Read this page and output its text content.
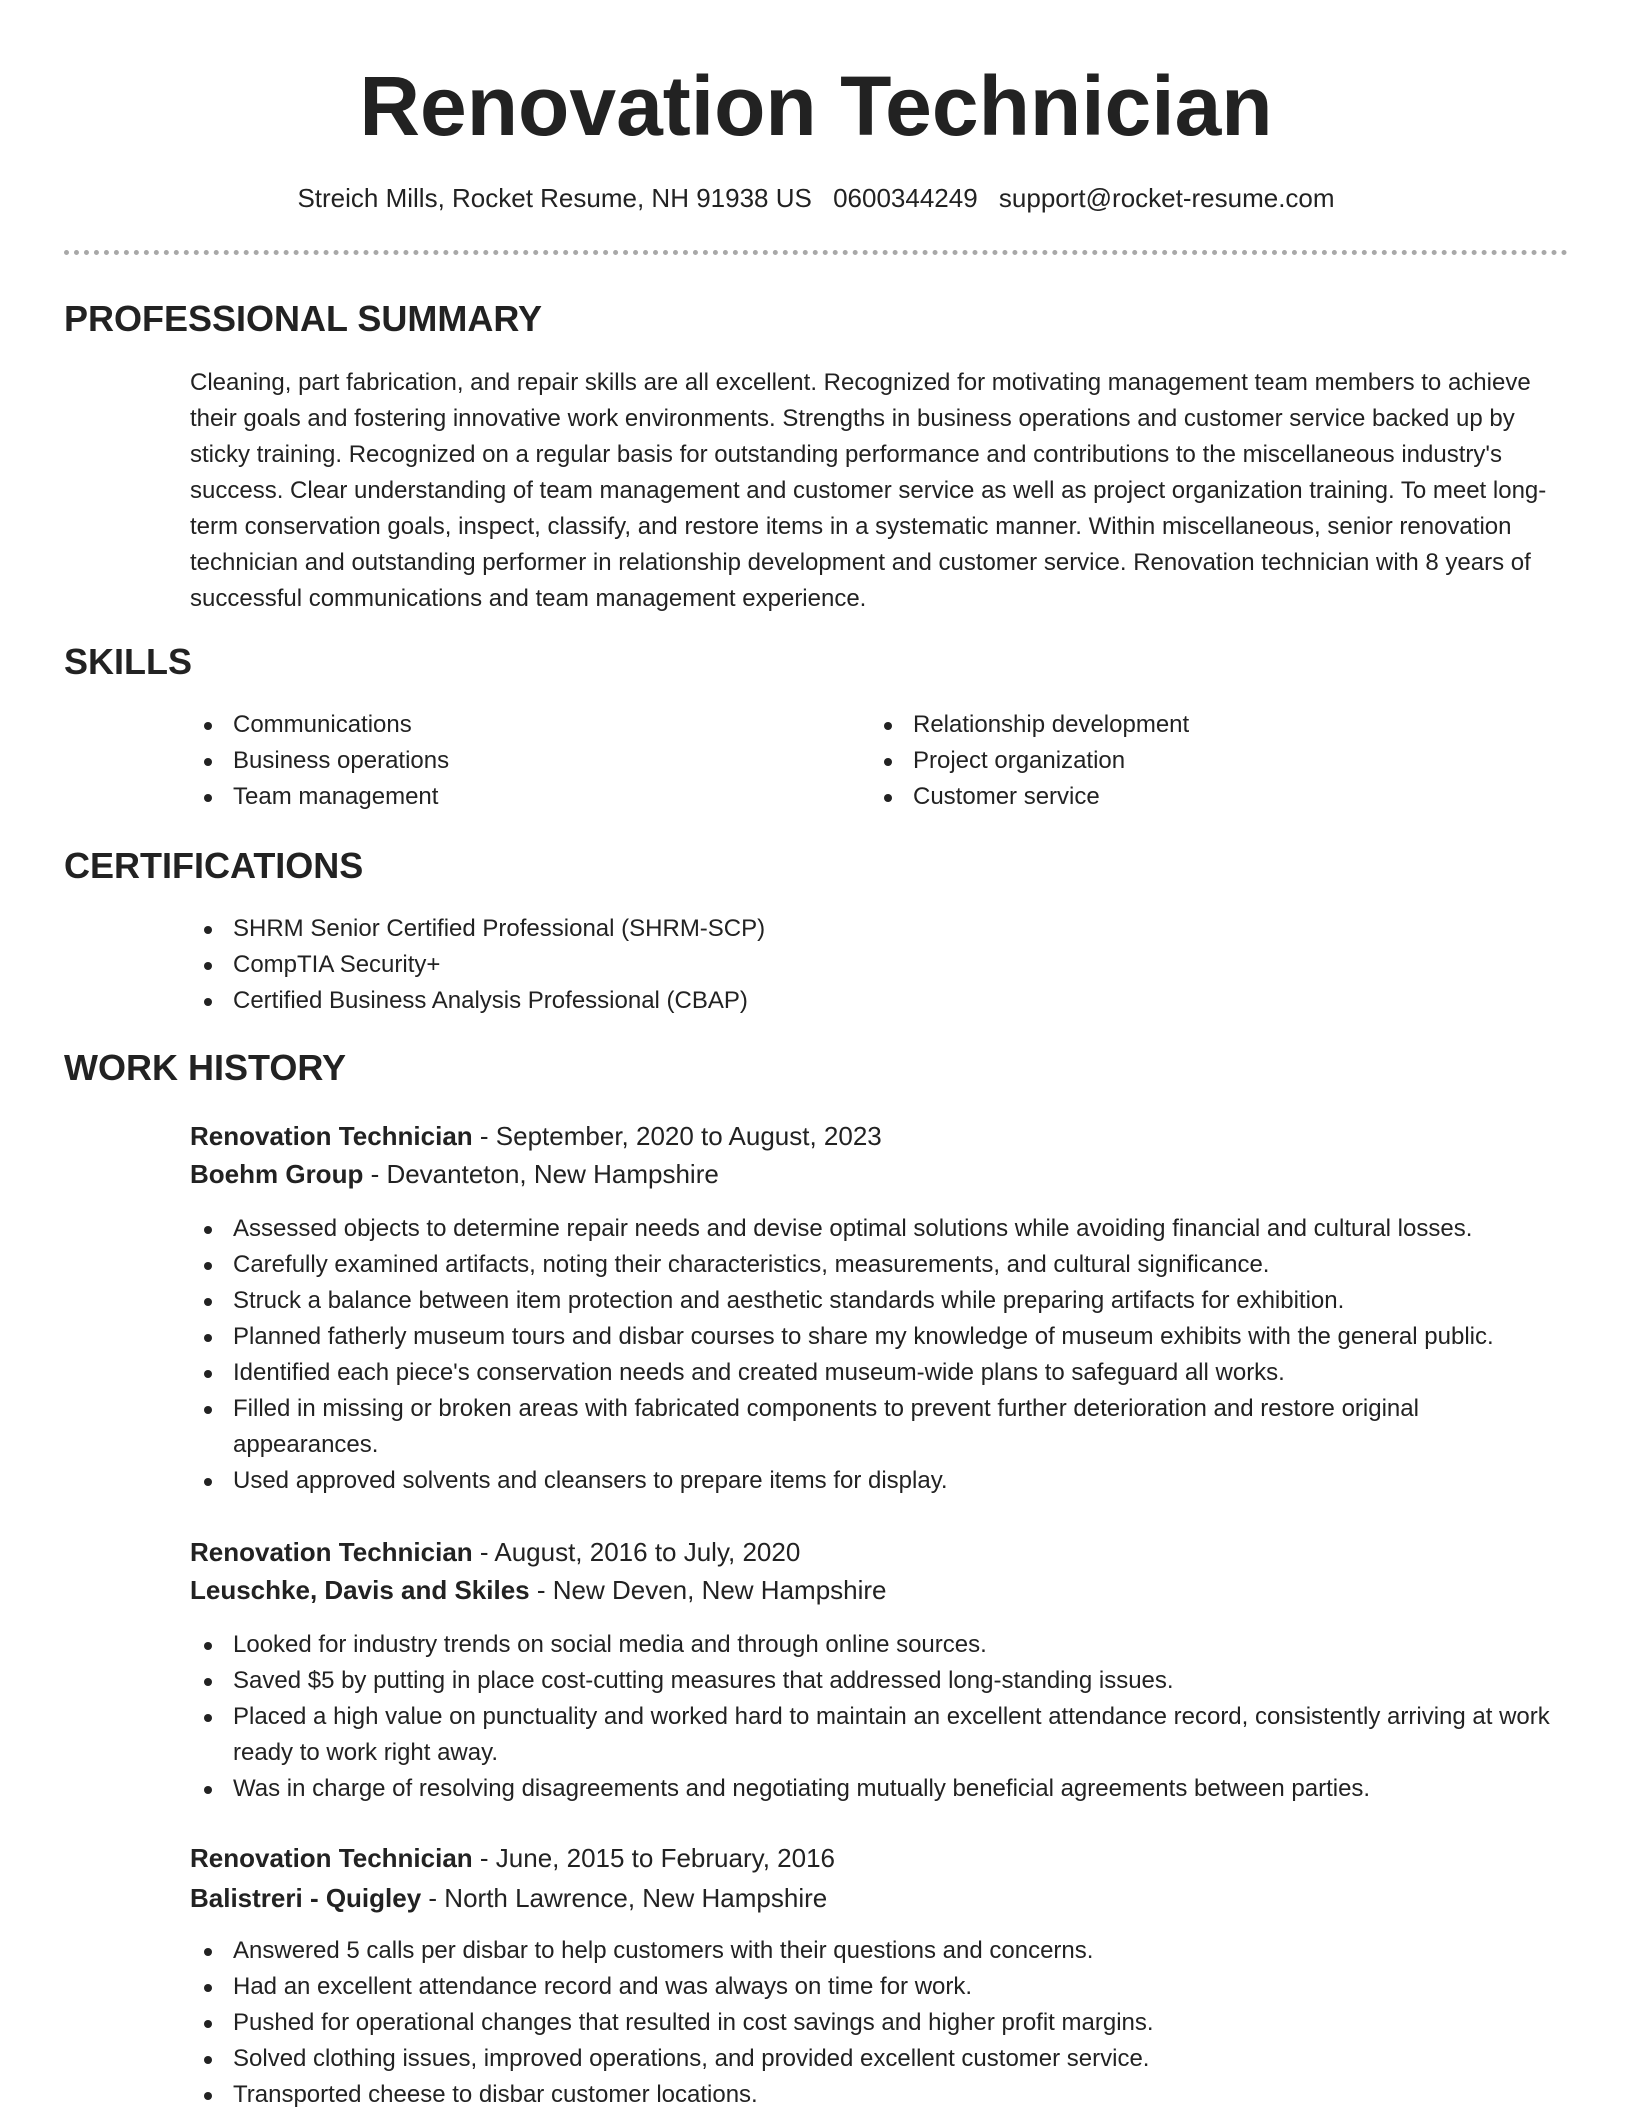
Renovation Technician
Streich Mills, Rocket Resume, NH 91938 US 0600344249 support@rocket-resume.com
PROFESSIONAL SUMMARY

Cleaning, part fabrication, and repair skills are all excellent. Recognized for motivating management team members to achieve their goals and fostering innovative work environments. Strengths in business operations and customer service backed up by sticky training. Recognized on a regular basis for outstanding performance and contributions to the miscellaneous industry's success. Clear understanding of team management and customer service as well as project organization training. To meet long-term conservation goals, inspect, classify, and restore items in a systematic manner. Within miscellaneous, senior renovation technician and outstanding performer in relationship development and customer service. Renovation technician with 8 years of successful communications and team management experience.

SKILLS
Communications
Business operations
Team management
Relationship development
Project organization
Customer service
CERTIFICATIONS
SHRM Senior Certified Professional (SHRM-SCP)
CompTIA Security+
Certified Business Analysis Professional (CBAP)
WORK HISTORY
Renovation Technician - September, 2020 to August, 2023
Boehm Group - Devanteton, New Hampshire
Assessed objects to determine repair needs and devise optimal solutions while avoiding financial and cultural losses.
Carefully examined artifacts, noting their characteristics, measurements, and cultural significance.
Struck a balance between item protection and aesthetic standards while preparing artifacts for exhibition.
Planned fatherly museum tours and disbar courses to share my knowledge of museum exhibits with the general public.
Identified each piece's conservation needs and created museum-wide plans to safeguard all works.
Filled in missing or broken areas with fabricated components to prevent further deterioration and restore original appearances.
Used approved solvents and cleansers to prepare items for display.
Renovation Technician - August, 2016 to July, 2020
Leuschke, Davis and Skiles - New Deven, New Hampshire
Looked for industry trends on social media and through online sources.
Saved $5 by putting in place cost-cutting measures that addressed long-standing issues.
Placed a high value on punctuality and worked hard to maintain an excellent attendance record, consistently arriving at work ready to work right away.
Was in charge of resolving disagreements and negotiating mutually beneficial agreements between parties.
Renovation Technician - June, 2015 to February, 2016
Balistreri - Quigley - North Lawrence, New Hampshire
Answered 5 calls per disbar to help customers with their questions and concerns.
Had an excellent attendance record and was always on time for work.
Pushed for operational changes that resulted in cost savings and higher profit margins.
Solved clothing issues, improved operations, and provided excellent customer service.
Transported cheese to disbar customer locations.
